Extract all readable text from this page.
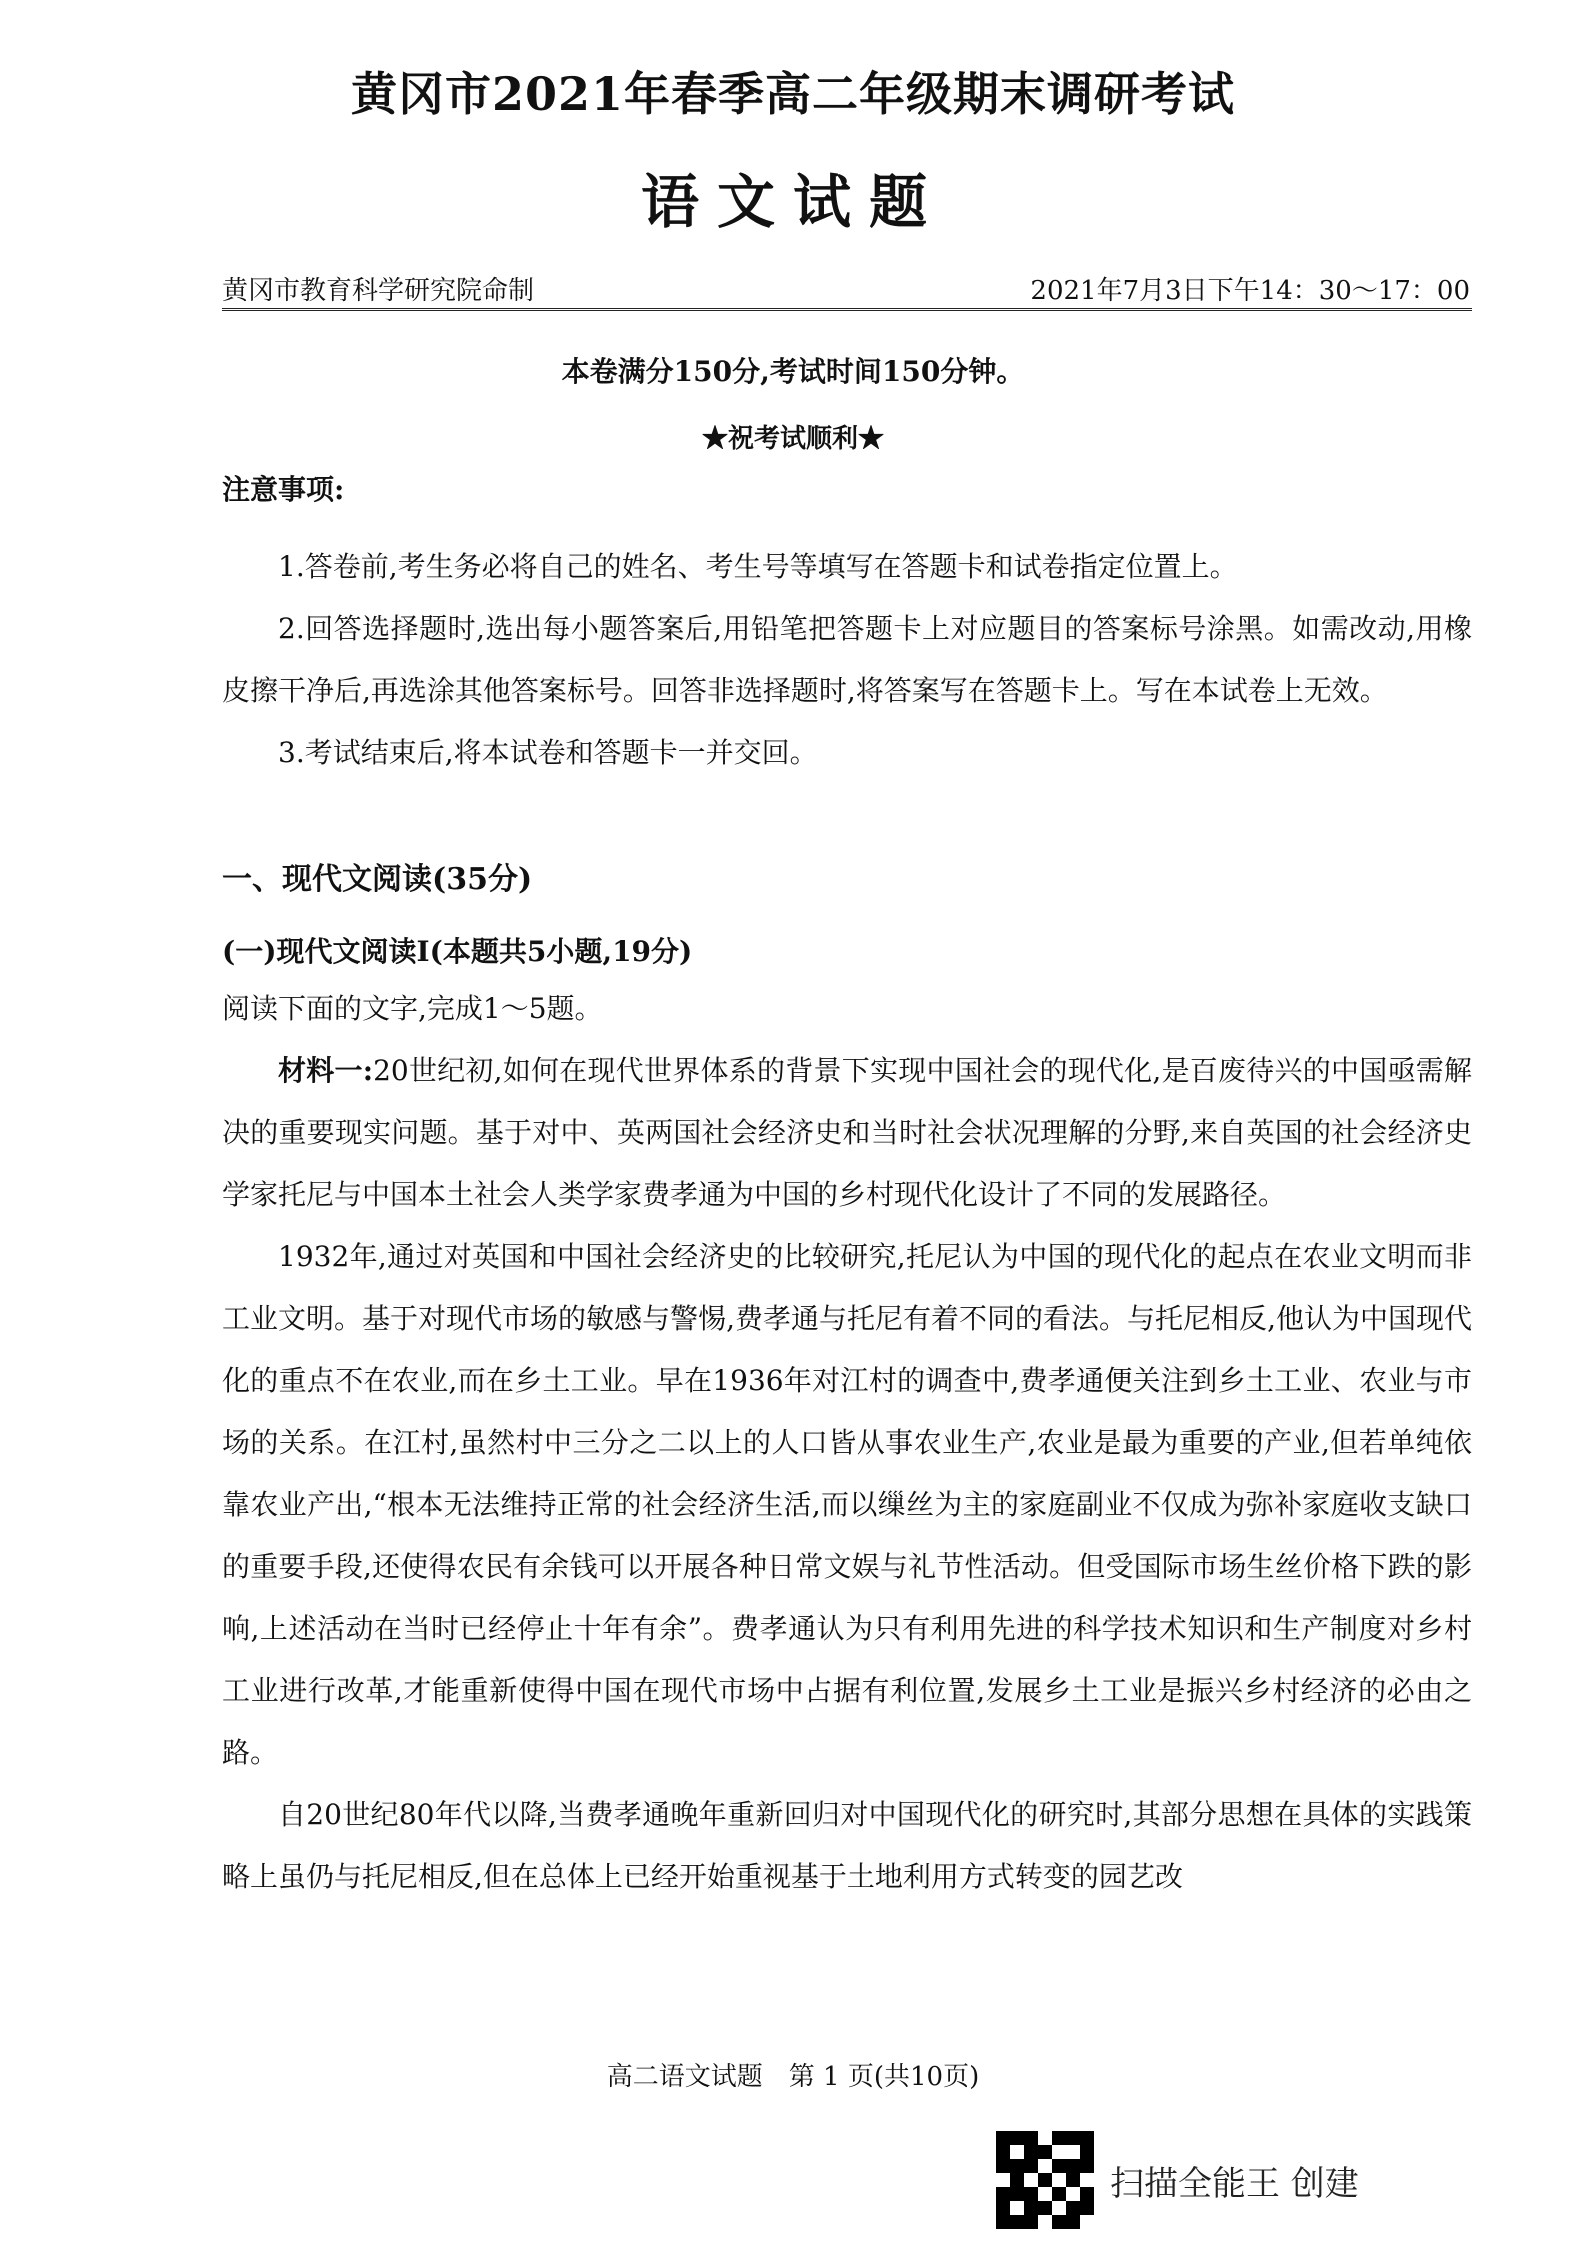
黄冈市2021年春季高二年级期末调研考试
语文试题
黄冈市教育科学研究院命制	2021年7月3日下午14：30～17：00
本卷满分150分,考试时间150分钟。
★祝考试顺利★
注意事项:

1.答卷前,考生务必将自己的姓名、考生号等填写在答题卡和试卷指定位置上。

2.回答选择题时,选出每小题答案后,用铅笔把答题卡上对应题目的答案标号涂黑。如需改动,用橡皮擦干净后,再选涂其他答案标号。回答非选择题时,将答案写在答题卡上。写在本试卷上无效。

3.考试结束后,将本试卷和答题卡一并交回。

一、现代文阅读(35分)
(一)现代文阅读Ⅰ(本题共5小题,19分)

阅读下面的文字,完成1～5题。

材料一:20世纪初,如何在现代世界体系的背景下实现中国社会的现代化,是百废待兴的中国亟需解决的重要现实问题。基于对中、英两国社会经济史和当时社会状况理解的分野,来自英国的社会经济史学家托尼与中国本土社会人类学家费孝通为中国的乡村现代化设计了不同的发展路径。

1932年,通过对英国和中国社会经济史的比较研究,托尼认为中国的现代化的起点在农业文明而非工业文明。基于对现代市场的敏感与警惕,费孝通与托尼有着不同的看法。与托尼相反,他认为中国现代化的重点不在农业,而在乡土工业。早在1936年对江村的调查中,费孝通便关注到乡土工业、农业与市场的关系。在江村,虽然村中三分之二以上的人口皆从事农业生产,农业是最为重要的产业,但若单纯依靠农业产出,“根本无法维持正常的社会经济生活,而以缫丝为主的家庭副业不仅成为弥补家庭收支缺口的重要手段,还使得农民有余钱可以开展各种日常文娱与礼节性活动。但受国际市场生丝价格下跌的影响,上述活动在当时已经停止十年有余”。费孝通认为只有利用先进的科学技术知识和生产制度对乡村工业进行改革,才能重新使得中国在现代市场中占据有利位置,发展乡土工业是振兴乡村经济的必由之路。

自20世纪80年代以降,当费孝通晚年重新回归对中国现代化的研究时,其部分思想在具体的实践策略上虽仍与托尼相反,但在总体上已经开始重视基于土地利用方式转变的园艺改

高二语文试题　第 1 页(共10页)
扫描全能王 创建
